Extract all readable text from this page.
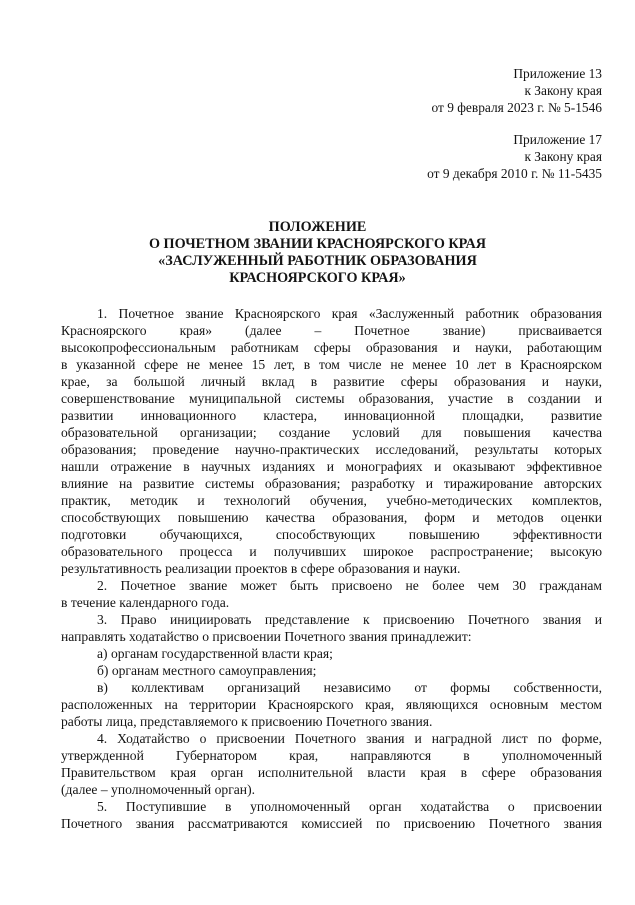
Приложение 13
к Закону края
от 9 февраля 2023 г. № 5-1546
Приложение 17
к Закону края
от 9 декабря 2010 г. № 11-5435
ПОЛОЖЕНИЕ
О ПОЧЕТНОМ ЗВАНИИ КРАСНОЯРСКОГО КРАЯ
«ЗАСЛУЖЕННЫЙ РАБОТНИК ОБРАЗОВАНИЯ
КРАСНОЯРСКОГО КРАЯ»
1. Почетное звание Красноярского края «Заслуженный работник образования
Красноярского края» (далее – Почетное звание) присваивается
высокопрофессиональным работникам сферы образования и науки, работающим
в указанной сфере не менее 15 лет, в том числе не менее 10 лет в Красноярском
крае, за большой личный вклад в развитие сферы образования и науки,
совершенствование муниципальной системы образования, участие в создании и
развитии инновационного кластера, инновационной площадки, развитие
образовательной организации; создание условий для повышения качества
образования; проведение научно-практических исследований, результаты которых
нашли отражение в научных изданиях и монографиях и оказывают эффективное
влияние на развитие системы образования; разработку и тиражирование авторских
практик, методик и технологий обучения, учебно-методических комплектов,
способствующих повышению качества образования, форм и методов оценки
подготовки обучающихся, способствующих повышению эффективности
образовательного процесса и получивших широкое распространение; высокую
результативность реализации проектов в сфере образования и науки.
2. Почетное звание может быть присвоено не более чем 30 гражданам
в течение календарного года.
3. Право инициировать представление к присвоению Почетного звания и
направлять ходатайство о присвоении Почетного звания принадлежит:
а) органам государственной власти края;
б) органам местного самоуправления;
в) коллективам организаций независимо от формы собственности,
расположенных на территории Красноярского края, являющихся основным местом
работы лица, представляемого к присвоению Почетного звания.
4. Ходатайство о присвоении Почетного звания и наградной лист по форме,
утвержденной Губернатором края, направляются в уполномоченный
Правительством края орган исполнительной власти края в сфере образования
(далее – уполномоченный орган).
5. Поступившие в уполномоченный орган ходатайства о присвоении
Почетного звания рассматриваются комиссией по присвоению Почетного звания
